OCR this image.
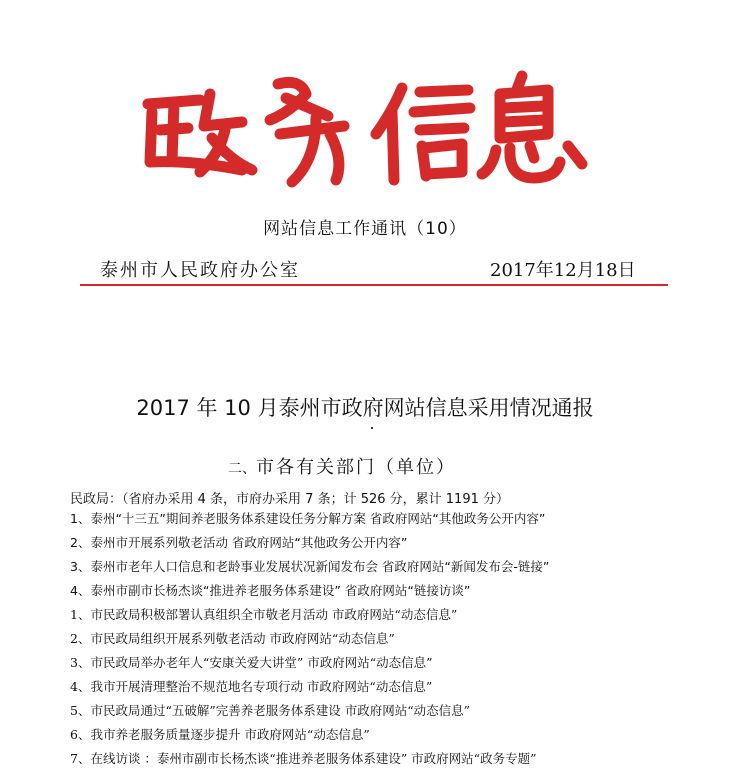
网站信息工作通讯（10）
泰州市人民政府办公室	2017年12月18日
2017 年 10 月泰州市政府网站信息采用情况通报
二、市各有关部门（单位）
民政局：（省府办采用 4 条，市府办采用 7 条；计 526 分，累计 1191 分）
1、泰州“十三五”期间养老服务体系建设任务分解方案 省政府网站“其他政务公开内容”
2、泰州市开展系列敬老活动 省政府网站“其他政务公开内容”
3、泰州市老年人口信息和老龄事业发展状况新闻发布会 省政府网站“新闻发布会-链接”
4、泰州市副市长杨杰谈“推进养老服务体系建设” 省政府网站“链接访谈”
1、市民政局积极部署认真组织全市敬老月活动 市政府网站“动态信息”
2、市民政局组织开展系列敬老活动 市政府网站“动态信息”
3、市民政局举办老年人“安康关爱大讲堂” 市政府网站“动态信息”
4、我市开展清理整治不规范地名专项行动 市政府网站“动态信息”
5、市民政局通过“五破解”完善养老服务体系建设 市政府网站“动态信息”
6、我市养老服务质量逐步提升 市政府网站“动态信息”
7、在线访谈 ：泰州市副市长杨杰谈“推进养老服务体系建设” 市政府网站“政务专题”
